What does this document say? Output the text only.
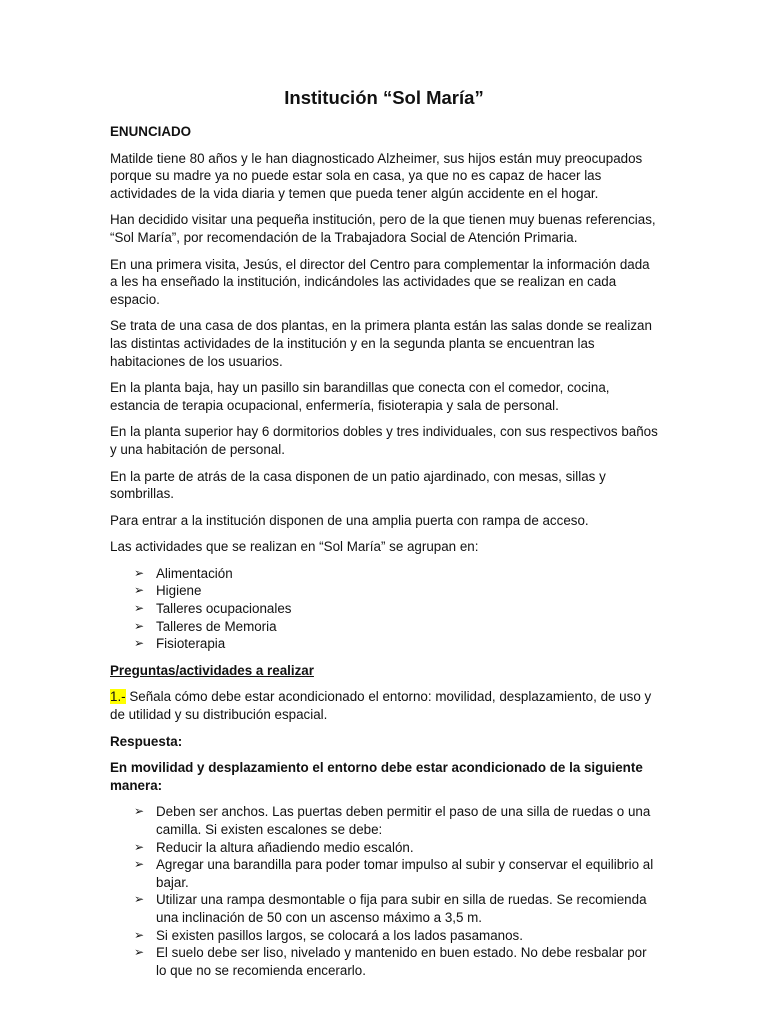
Institución “Sol María”
ENUNCIADO

Matilde tiene 80 años y le han diagnosticado Alzheimer, sus hijos están muy preocupados porque su madre ya no puede estar sola en casa, ya que no es capaz de hacer las actividades de la vida diaria y temen que pueda tener algún accidente en el hogar.

Han decidido visitar una pequeña institución, pero de la que tienen muy buenas referencias, “Sol María”, por recomendación de la Trabajadora Social de Atención Primaria.

En una primera visita, Jesús, el director del Centro para complementar la información dada a les ha enseñado la institución, indicándoles las actividades que se realizan en cada espacio.

Se trata de una casa de dos plantas, en la primera planta están las salas donde se realizan las distintas actividades de la institución y en la segunda planta se encuentran las habitaciones de los usuarios.

En la planta baja, hay un pasillo sin barandillas que conecta con el comedor, cocina, estancia de terapia ocupacional, enfermería, fisioterapia y sala de personal.

En la planta superior hay 6 dormitorios dobles y tres individuales, con sus respectivos baños y una habitación de personal.

En la parte de atrás de la casa disponen de un patio ajardinado, con mesas, sillas y sombrillas.

Para entrar a la institución disponen de una amplia puerta con rampa de acceso.

Las actividades que se realizan en “Sol María” se agrupan en:

➢ Alimentación
➢ Higiene
➢ Talleres ocupacionales
➢ Talleres de Memoria
➢ Fisioterapia
Preguntas/actividades a realizar

1.- Señala cómo debe estar acondicionado el entorno: movilidad, desplazamiento, de uso y de utilidad y su distribución espacial.

Respuesta:
En movilidad y desplazamiento el entorno debe estar acondicionado de la siguiente manera:
➢ Deben ser anchos. Las puertas deben permitir el paso de una silla de ruedas o una camilla. Si existen escalones se debe:
➢ Reducir la altura añadiendo medio escalón.
➢ Agregar una barandilla para poder tomar impulso al subir y conservar el equilibrio al bajar.
➢ Utilizar una rampa desmontable o fija para subir en silla de ruedas. Se recomienda una inclinación de 50 con un ascenso máximo a 3,5 m.
➢ Si existen pasillos largos, se colocará a los lados pasamanos.
➢ El suelo debe ser liso, nivelado y mantenido en buen estado. No debe resbalar por lo que no se recomienda encerarlo.
